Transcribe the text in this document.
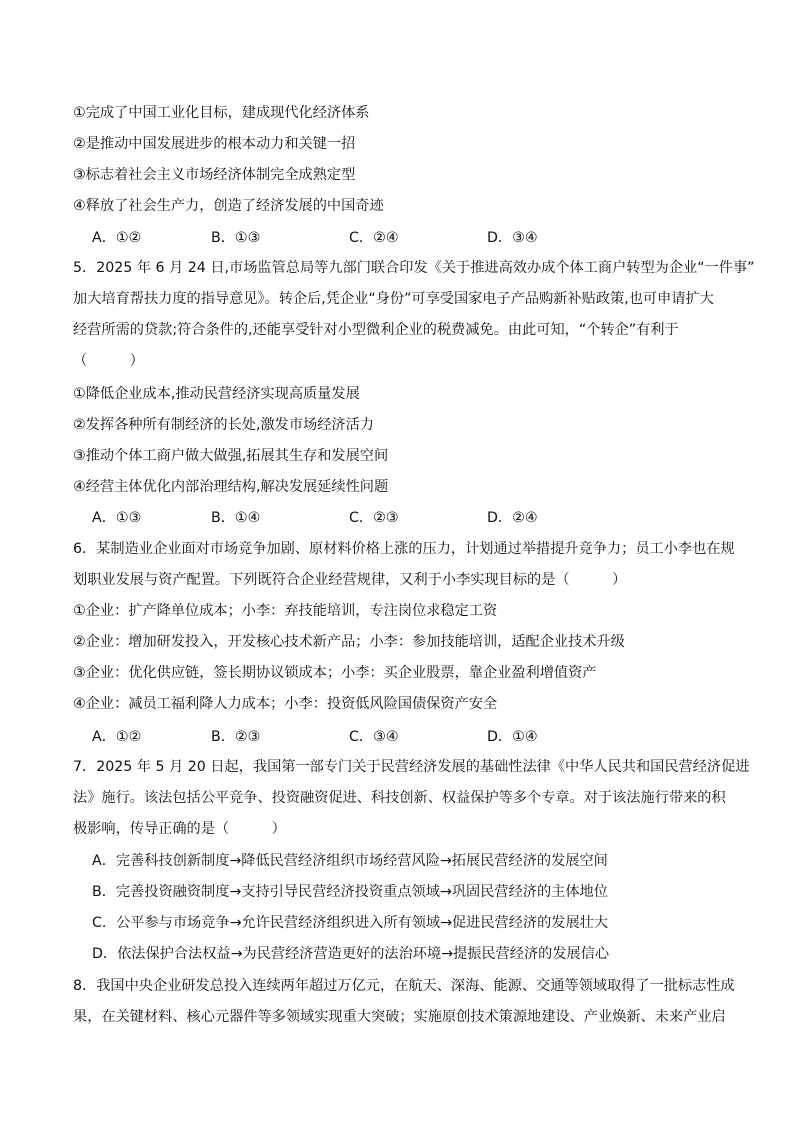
①完成了中国工业化目标，建成现代化经济体系
②是推动中国发展进步的根本动力和关键一招
③标志着社会主义市场经济体制完全成熟定型
④释放了社会生产力，创造了经济发展的中国奇迹
A．①②	B．①③	C．②④	D．③④
5．2025 年 6 月 24 日,市场监管总局等九部门联合印发《关于推进高效办成个体工商户转型为企业“一件事”
加大培育帮扶力度的指导意见》。转企后,凭企业“身份”可享受国家电子产品购新补贴政策,也可申请扩大
经营所需的贷款;符合条件的,还能享受针对小型微利企业的税费减免。由此可知，“个转企”有利于
（　　　）
①降低企业成本,推动民营经济实现高质量发展
②发挥各种所有制经济的长处,激发市场经济活力
③推动个体工商户做大做强,拓展其生存和发展空间
④经营主体优化内部治理结构,解决发展延续性问题
A．①③	B．①④	C．②③	D．②④
6．某制造业企业面对市场竞争加剧、原材料价格上涨的压力，计划通过举措提升竞争力；员工小李也在规
划职业发展与资产配置。下列既符合企业经营规律，又利于小李实现目标的是（　　　）
①企业：扩产降单位成本；小李：弃技能培训，专注岗位求稳定工资
②企业：增加研发投入，开发核心技术新产品；小李：参加技能培训，适配企业技术升级
③企业：优化供应链，签长期协议锁成本；小李：买企业股票，靠企业盈利增值资产
④企业：减员工福利降人力成本；小李：投资低风险国债保资产安全
A．①②	B．②③	C．③④	D．①④
7．2025 年 5 月 20 日起，我国第一部专门关于民营经济发展的基础性法律《中华人民共和国民营经济促进
法》施行。该法包括公平竞争、投资融资促进、科技创新、权益保护等多个专章。对于该法施行带来的积
极影响，传导正确的是（　　　）
A．完善科技创新制度→降低民营经济组织市场经营风险→拓展民营经济的发展空间
B．完善投资融资制度→支持引导民营经济投资重点领域→巩固民营经济的主体地位
C．公平参与市场竞争→允许民营经济组织进入所有领域→促进民营经济的发展壮大
D．依法保护合法权益→为民营经济营造更好的法治环境→提振民营经济的发展信心
8．我国中央企业研发总投入连续两年超过万亿元，在航天、深海、能源、交通等领域取得了一批标志性成
果，在关键材料、核心元器件等多领域实现重大突破；实施原创技术策源地建设、产业焕新、未来产业启
